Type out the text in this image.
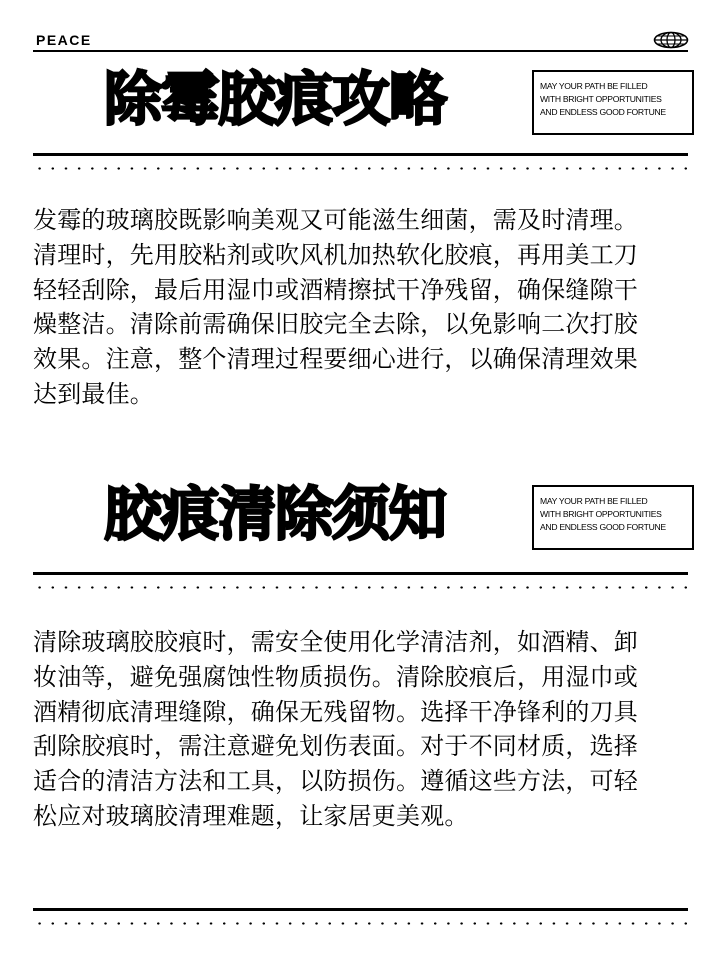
PEACE
除霉胶痕攻略	MAY YOUR PATH BE FILLED
WITH BRIGHT OPPORTUNITIES
AND ENDLESS GOOD FORTUNE
发霉的玻璃胶既影响美观又可能滋生细菌，需及时清理。
清理时，先用胶粘剂或吹风机加热软化胶痕，再用美工刀
轻轻刮除，最后用湿巾或酒精擦拭干净残留，确保缝隙干
燥整洁。清除前需确保旧胶完全去除，以免影响二次打胶
效果。注意，整个清理过程要细心进行，以确保清理效果
达到最佳。
胶痕清除须知	MAY YOUR PATH BE FILLED
WITH BRIGHT OPPORTUNITIES
AND ENDLESS GOOD FORTUNE
清除玻璃胶胶痕时，需安全使用化学清洁剂，如酒精、卸
妆油等，避免强腐蚀性物质损伤。清除胶痕后，用湿巾或
酒精彻底清理缝隙，确保无残留物。选择干净锋利的刀具
刮除胶痕时，需注意避免划伤表面。对于不同材质，选择
适合的清洁方法和工具，以防损伤。遵循这些方法，可轻
松应对玻璃胶清理难题，让家居更美观。
